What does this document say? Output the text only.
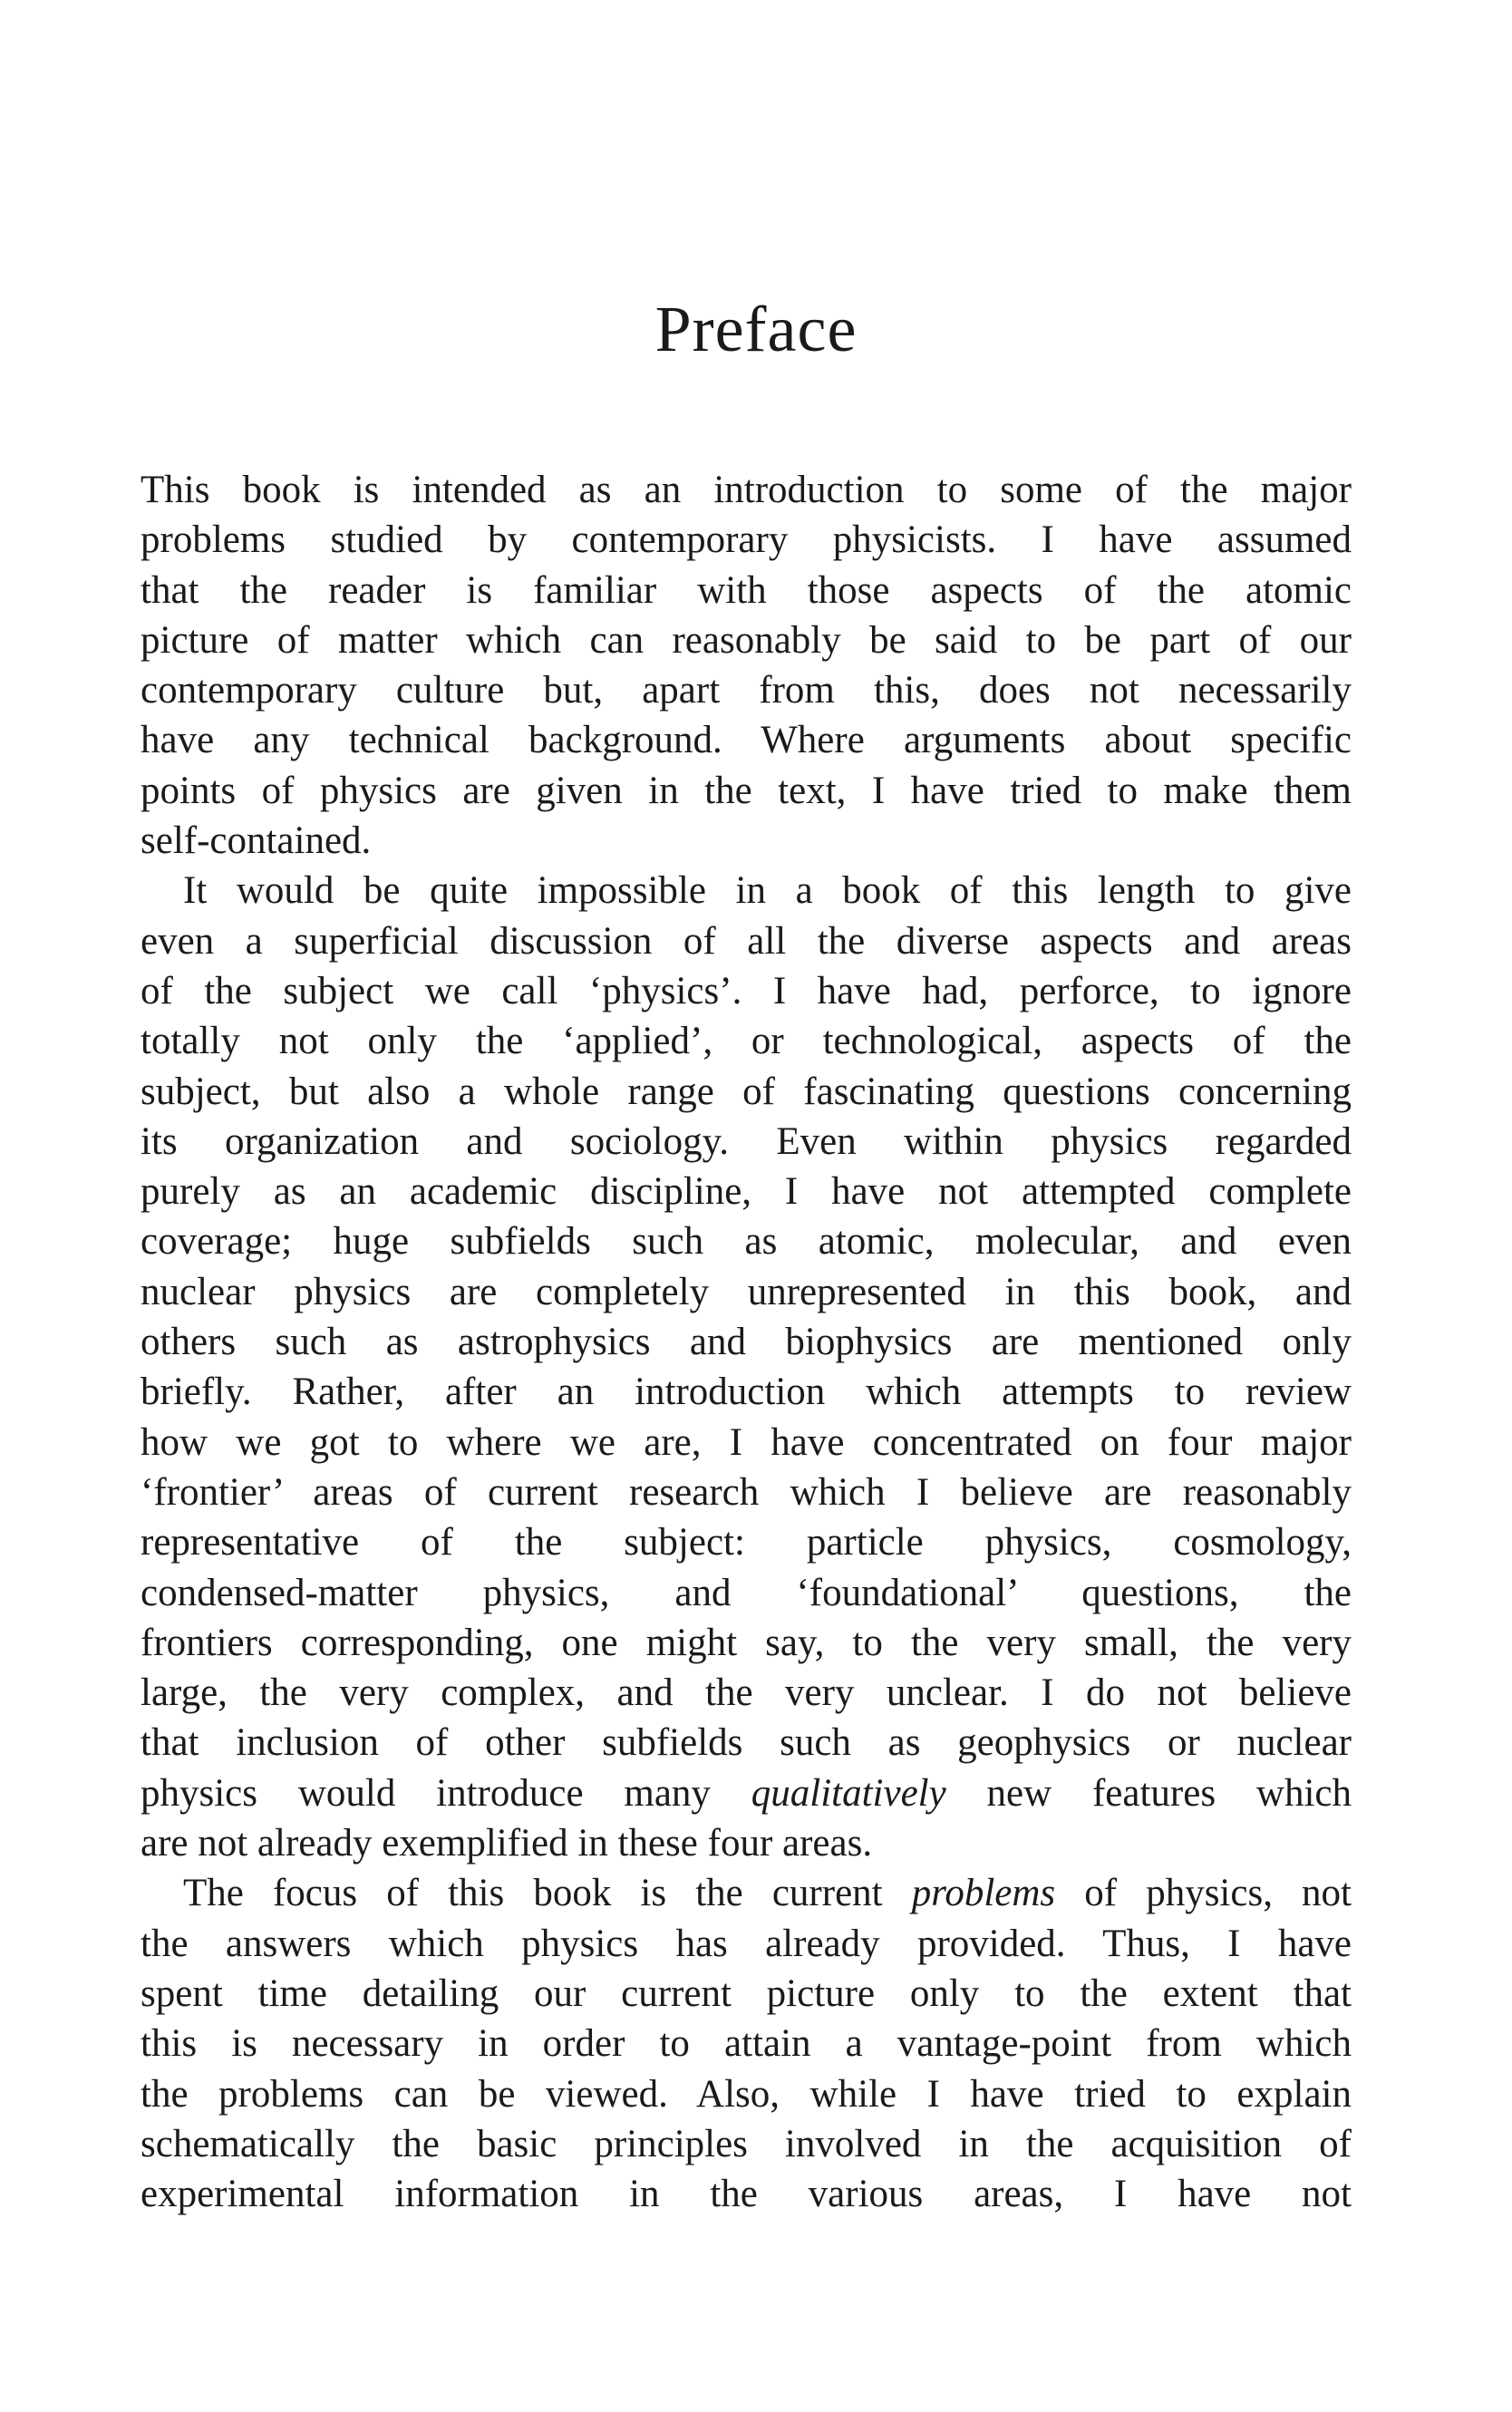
Preface
This book is intended as an introduction to some of the major
problems studied by contemporary physicists. I have assumed
that the reader is familiar with those aspects of the atomic
picture of matter which can reasonably be said to be part of our
contemporary culture but, apart from this, does not necessarily
have any technical background. Where arguments about specific
points of physics are given in the text, I have tried to make them
self-contained.
It would be quite impossible in a book of this length to give
even a superficial discussion of all the diverse aspects and areas
of the subject we call ‘physics’. I have had, perforce, to ignore
totally not only the ‘applied’, or technological, aspects of the
subject, but also a whole range of fascinating questions concerning
its organization and sociology. Even within physics regarded
purely as an academic discipline, I have not attempted complete
coverage; huge subfields such as atomic, molecular, and even
nuclear physics are completely unrepresented in this book, and
others such as astrophysics and biophysics are mentioned only
briefly. Rather, after an introduction which attempts to review
how we got to where we are, I have concentrated on four major
‘frontier’ areas of current research which I believe are reasonably
representative of the subject: particle physics, cosmology,
condensed-matter physics, and ‘foundational’ questions, the
frontiers corresponding, one might say, to the very small, the very
large, the very complex, and the very unclear. I do not believe
that inclusion of other subfields such as geophysics or nuclear
physics would introduce many qualitatively new features which
are not already exemplified in these four areas.
The focus of this book is the current problems of physics, not
the answers which physics has already provided. Thus, I have
spent time detailing our current picture only to the extent that
this is necessary in order to attain a vantage-point from which
the problems can be viewed. Also, while I have tried to explain
schematically the basic principles involved in the acquisition of
experimental information in the various areas, I have not
